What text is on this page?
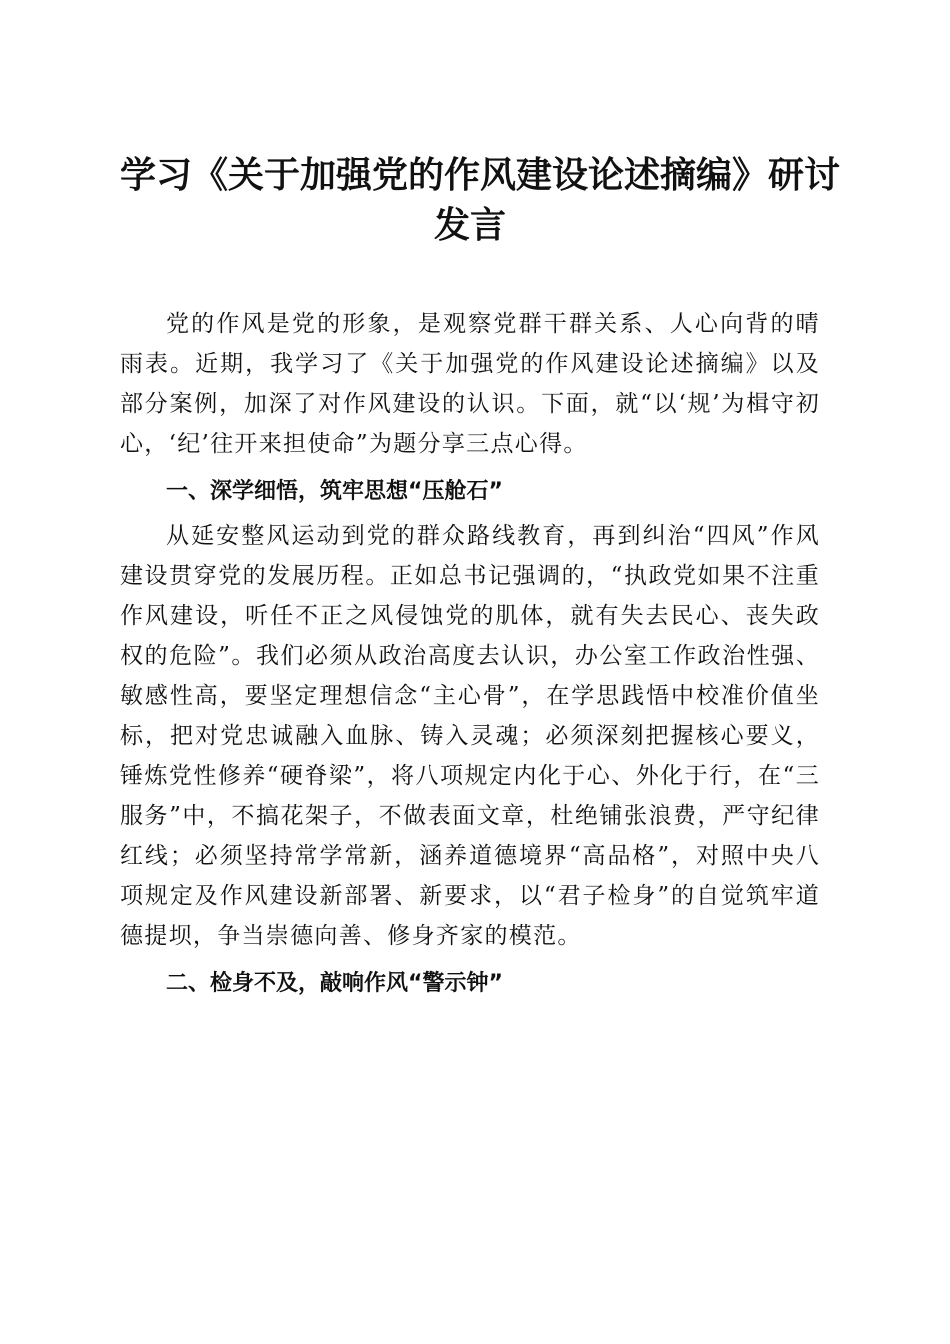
学习《关于加强党的作风建设论述摘编》研讨
发言

党的作风是党的形象，是观察党群干群关系、人心向背的晴雨表。近期，我学习了《关于加强党的作风建设论述摘编》以及部分案例，加深了对作风建设的认识。下面，就“以‘规’为楫守初心，‘纪’往开来担使命”为题分享三点心得。

一、深学细悟，筑牢思想“压舱石”

从延安整风运动到党的群众路线教育，再到纠治“四风”作风建设贯穿党的发展历程。正如总书记强调的，“执政党如果不注重作风建设，听任不正之风侵蚀党的肌体，就有失去民心、丧失政权的危险”。我们必须从政治高度去认识，办公室工作政治性强、敏感性高，要坚定理想信念“主心骨”，在学思践悟中校准价值坐标，把对党忠诚融入血脉、铸入灵魂；必须深刻把握核心要义，锤炼党性修养“硬脊梁”，将八项规定内化于心、外化于行，在“三服务”中，不搞花架子，不做表面文章，杜绝铺张浪费，严守纪律红线；必须坚持常学常新，涵养道德境界“高品格”，对照中央八项规定及作风建设新部署、新要求，以“君子检身”的自觉筑牢道德提坝，争当崇德向善、修身齐家的模范。

二、检身不及，敲响作风“警示钟”
